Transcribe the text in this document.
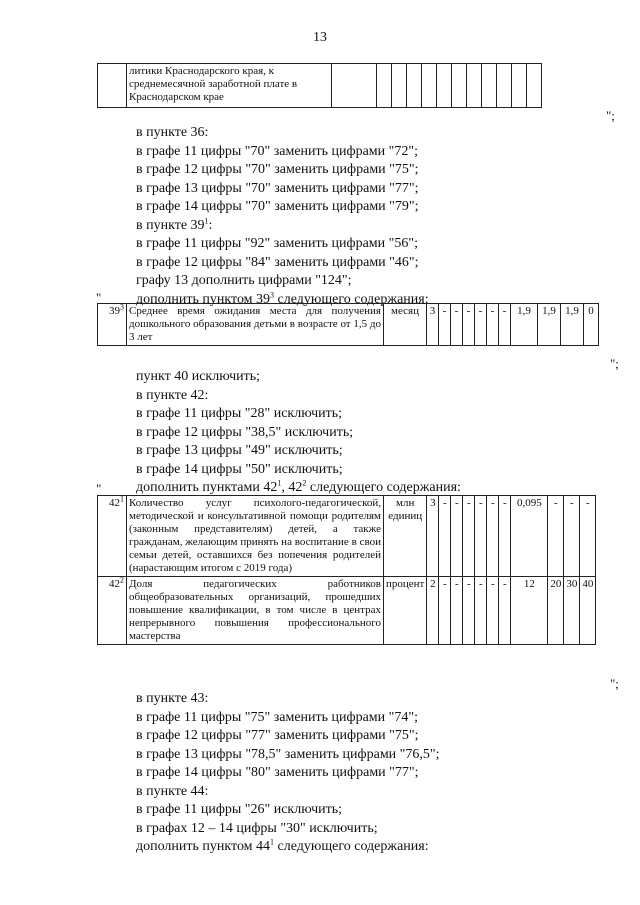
13
	литики Краснодарского края, к среднемесячной заработной плате в Краснодарском крае												
";
в пункте 36:
в графе 11 цифры "70" заменить цифрами "72";
в графе 12 цифры "70" заменить цифрами "75";
в графе 13 цифры "70" заменить цифрами "77";
в графе 14 цифры "70" заменить цифрами "79";
в пункте $39^1$:
в графе 11 цифры "92" заменить цифрами "56";
в графе 12 цифры "84" заменить цифрами "46";
графу 13 дополнить цифрами "124";
дополнить пунктом $39^3$ следующего содержания:
"
$39^3$	Среднее время ожидания места для получения дошкольного образования детьми в возрасте от 1,5 до 3 лет	месяц	3	-	-	-	-	-	-	1,9	1,9	1,9	0
";
пункт 40 исключить;
в пункте 42:
в графе 11 цифры "28" исключить;
в графе 12 цифры "38,5" исключить;
в графе 13 цифры "49" исключить;
в графе 14 цифры "50" исключить;
дополнить пунктами $42^1$, $42^2$ следующего содержания:
"
$42^1$	Количество услуг психолого-педагогической, методической и консультативной помощи родителям (законным представителям) детей, а также гражданам, желающим принять на воспитание в свои семьи детей, оставшихся без попечения родителей (нарастающим итогом с 2019 года)	млн единиц	3	-	-	-	-	-	-	0,095	-	-	-
$42^2$	Доля педагогических работников общеобразовательных организаций, прошедших повышение квалификации, в том числе в центрах непрерывного повышения профессионального мастерства	процент	2	-	-	-	-	-	-	12	20	30	40
";
в пункте 43:
в графе 11 цифры "75" заменить цифрами "74";
в графе 12 цифры "77" заменить цифрами "75";
в графе 13 цифры "78,5" заменить цифрами "76,5";
в графе 14 цифры "80" заменить цифрами "77";
в пункте 44:
в графе 11 цифры "26" исключить;
в графах 12 – 14 цифры "30" исключить;
дополнить пунктом $44^1$ следующего содержания:
